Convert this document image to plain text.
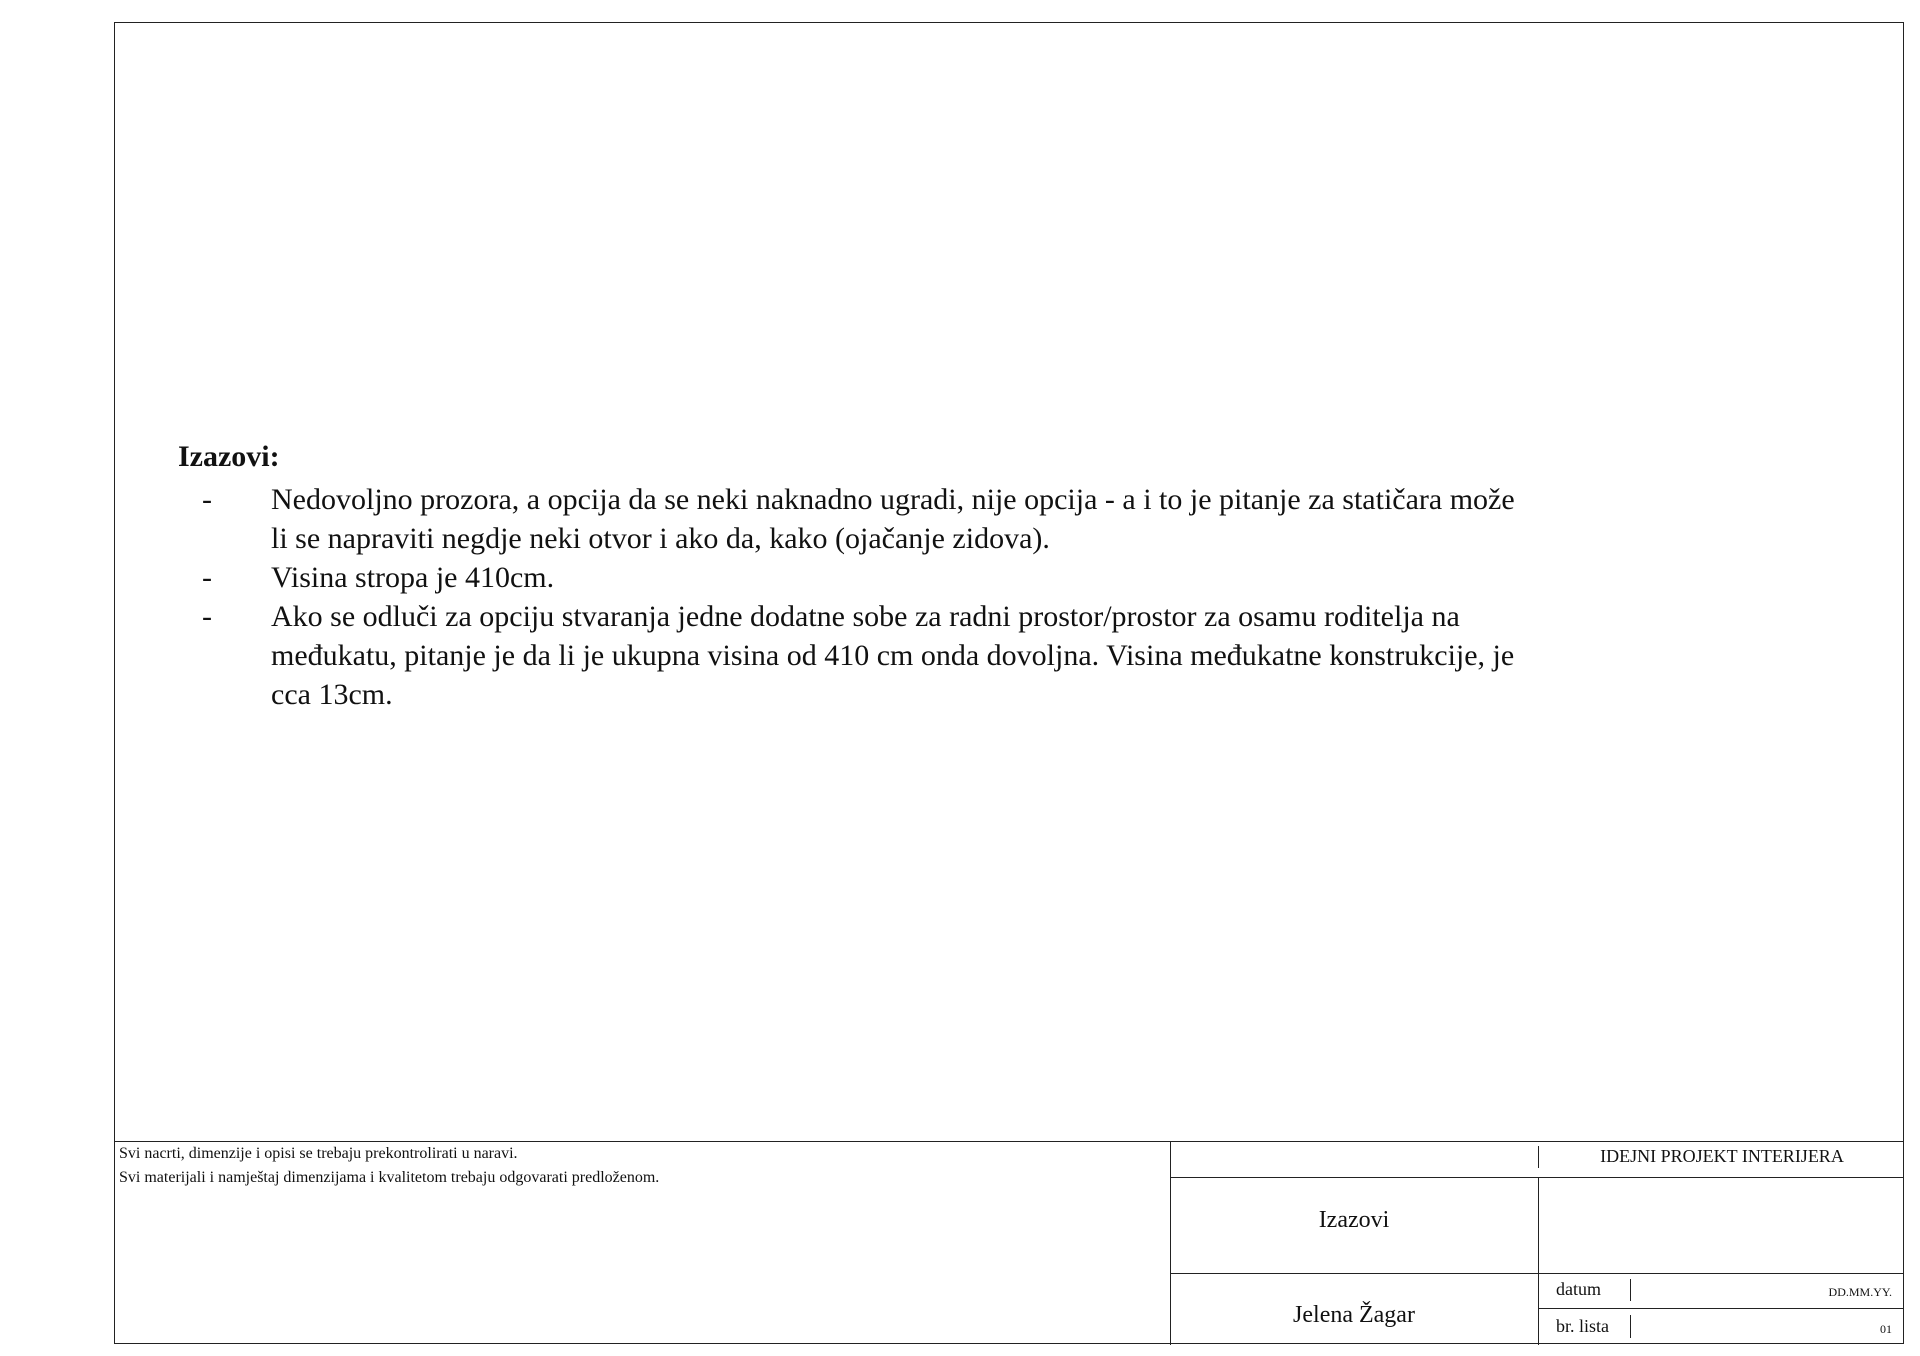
Izazovi:
- Nedovoljno prozora, a opcija da se neki naknadno ugradi, nije opcija - a i to je pitanje za statičara može
li se napraviti negdje neki otvor i ako da, kako (ojačanje zidova).
- Visina stropa je 410cm.
- Ako se odluči za opciju stvaranja jedne dodatne sobe za radni prostor/prostor za osamu roditelja na
međukatu, pitanje je da li je ukupna visina od 410 cm onda dovoljna. Visina međukatne konstrukcije, je
cca 13cm.
Svi nacrti, dimenzije i opisi se trebaju prekontrolirati u naravi.
Svi materijali i namještaj dimenzijama i kvalitetom trebaju odgovarati predloženom.
IDEJNI PROJEKT INTERIJERA
Izazovi
Jelena Žagar
datum	DD.MM.YY.
br. lista	01
